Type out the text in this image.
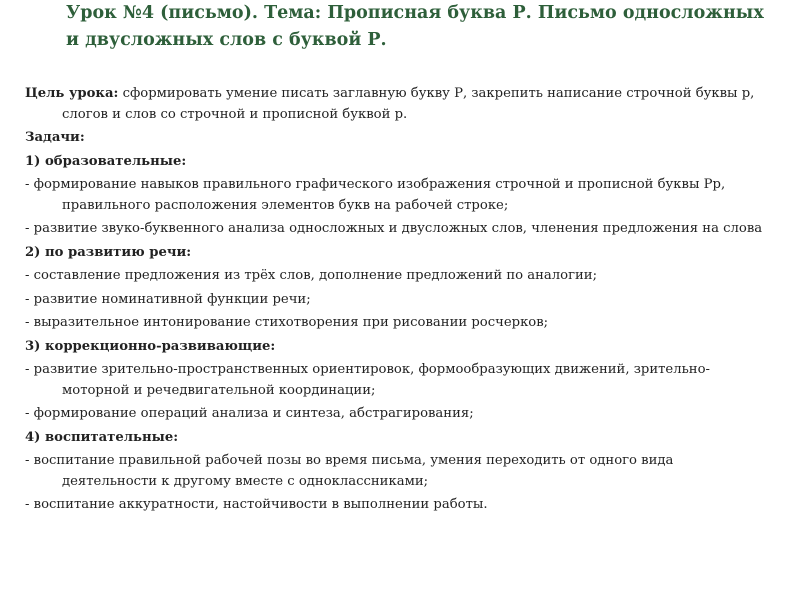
Урок №4 (письмо). Тема: Прописная буква Р. Письмо односложных и двусложных слов с буквой Р.

Цель урока: сформировать умение писать заглавную букву Р, закрепить написание строчной буквы р, слогов и слов со строчной и прописной буквой р.

Задачи:

1) образовательные:

- формирование навыков правильного графического изображения строчной и прописной буквы Рр, правильного расположения элементов букв на рабочей строке;

- развитие звуко-буквенного анализа односложных и двусложных слов, членения предложения на слова

2) по развитию речи:

- составление предложения из трёх слов, дополнение предложений по аналогии;

- развитие номинативной функции речи;

- выразительное интонирование стихотворения при рисовании росчерков;

3) коррекционно-развивающие:

- развитие зрительно-пространственных ориентировок, формообразующих движений, зрительно-моторной и речедвигательной координации;

- формирование операций анализа и синтеза, абстрагирования;

4) воспитательные:

- воспитание правильной рабочей позы во время письма, умения переходить от одного вида деятельности к другому вместе с одноклассниками;

- воспитание аккуратности, настойчивости в выполнении работы.
